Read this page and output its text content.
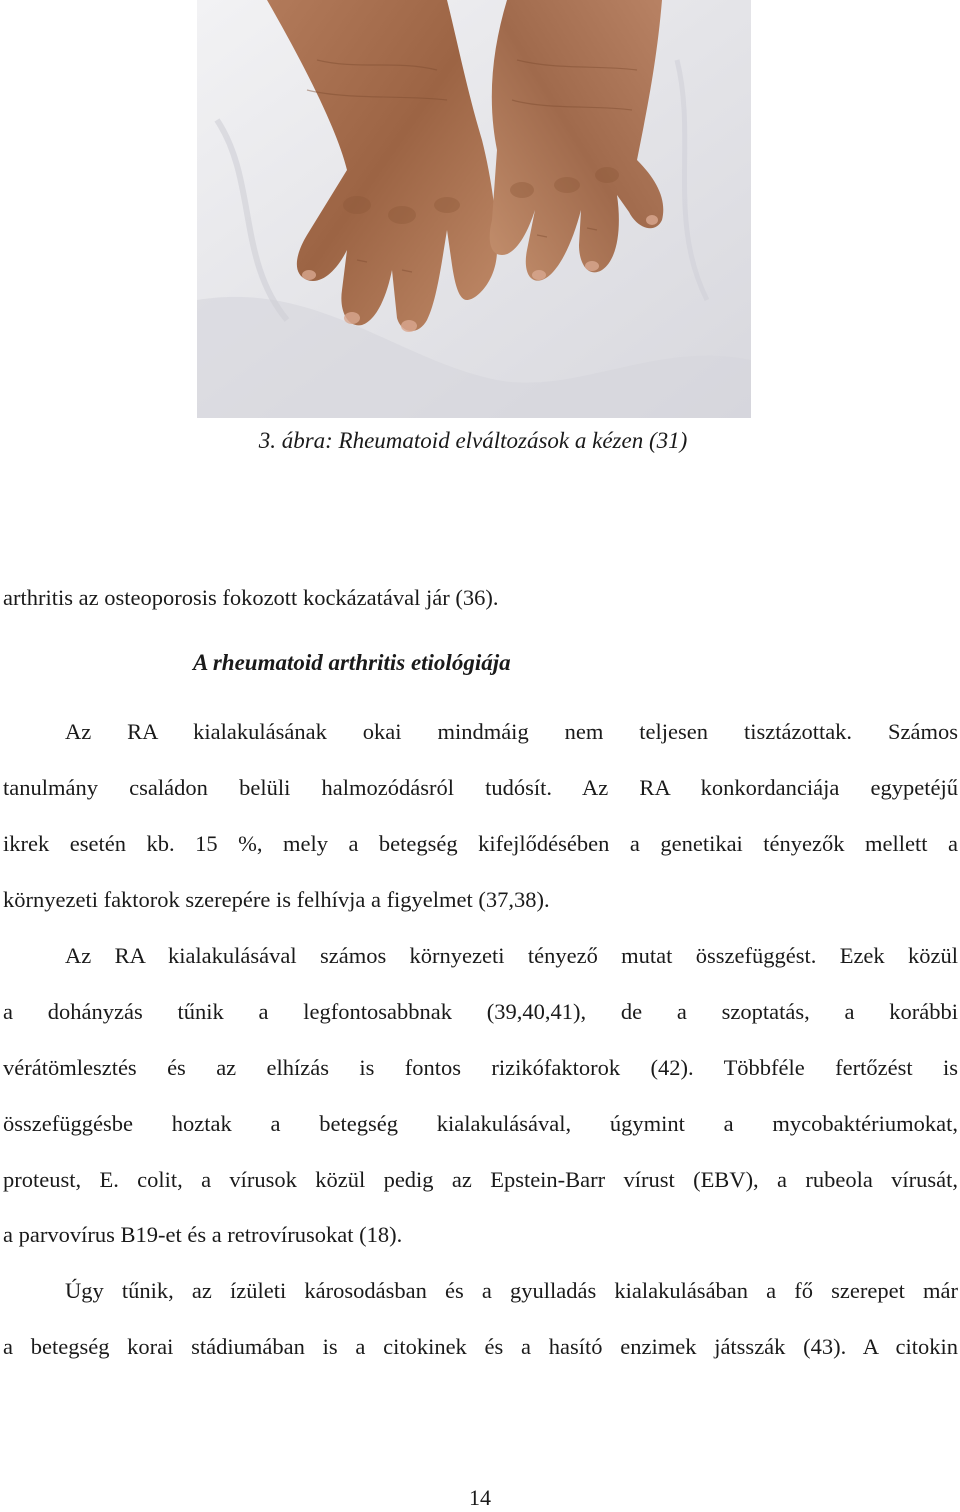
3. ábra: Rheumatoid elváltozások a kézen (31)
arthritis az osteoporosis fokozott kockázatával jár (36).
A rheumatoid arthritis etiológiája
Az RA kialakulásának okai mindmáig nem teljesen tisztázottak. Számos
tanulmány családon belüli halmozódásról tudósít. Az RA konkordanciája egypetéjű
ikrek esetén kb. 15 %, mely a betegség kifejlődésében a genetikai tényezők mellett a
környezeti faktorok szerepére is felhívja a figyelmet (37,38).
Az RA kialakulásával számos környezeti tényező mutat összefüggést. Ezek közül
a dohányzás tűnik a legfontosabbnak (39,40,41), de a szoptatás, a korábbi
vérátömlesztés és az elhízás is fontos rizikófaktorok (42). Többféle fertőzést is
összefüggésbe hoztak a betegség kialakulásával, úgymint a mycobaktériumokat,
proteust, E. colit, a vírusok közül pedig az Epstein-Barr vírust (EBV), a rubeola vírusát,
a parvovírus B19-et és a retrovírusokat (18).
Úgy tűnik, az ízületi károsodásban és a gyulladás kialakulásában a fő szerepet már
a betegség korai stádiumában is a citokinek és a hasító enzimek játsszák (43). A citokin
14
